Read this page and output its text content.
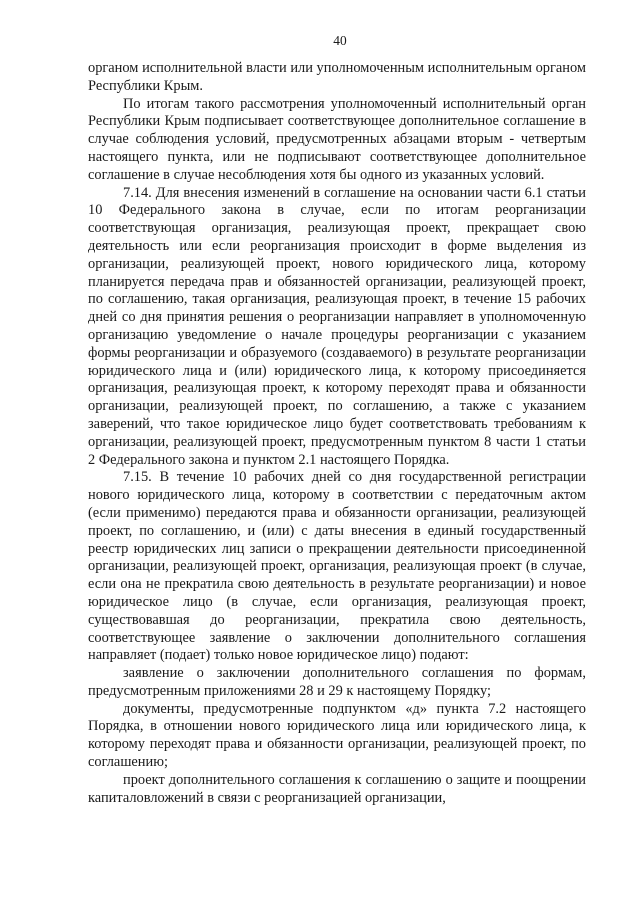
40

органом исполнительной власти или уполномоченным исполнительным органом Республики Крым.

По итогам такого рассмотрения уполномоченный исполнительный орган Республики Крым подписывает соответствующее дополнительное соглашение в случае соблюдения условий, предусмотренных абзацами вторым - четвертым настоящего пункта, или не подписывают соответствующее дополнительное соглашение в случае несоблюдения хотя бы одного из указанных условий.

7.14. Для внесения изменений в соглашение на основании части 6.1 статьи 10 Федерального закона в случае, если по итогам реорганизации соответствующая организация, реализующая проект, прекращает свою деятельность или если реорганизация происходит в форме выделения из организации, реализующей проект, нового юридического лица, которому планируется передача прав и обязанностей организации, реализующей проект, по соглашению, такая организация, реализующая проект, в течение 15 рабочих дней со дня принятия решения о реорганизации направляет в уполномоченную организацию уведомление о начале процедуры реорганизации с указанием формы реорганизации и образуемого (создаваемого) в результате реорганизации юридического лица и (или) юридического лица, к которому присоединяется организация, реализующая проект, к которому переходят права и обязанности организации, реализующей проект, по соглашению, а также с указанием заверений, что такое юридическое лицо будет соответствовать требованиям к организации, реализующей проект, предусмотренным пунктом 8 части 1 статьи 2 Федерального закона и пунктом 2.1 настоящего Порядка.

7.15. В течение 10 рабочих дней со дня государственной регистрации нового юридического лица, которому в соответствии с передаточным актом (если применимо) передаются права и обязанности организации, реализующей проект, по соглашению, и (или) с даты внесения в единый государственный реестр юридических лиц записи о прекращении деятельности присоединенной организации, реализующей проект, организация, реализующая проект (в случае, если она не прекратила свою деятельность в результате реорганизации) и новое юридическое лицо (в случае, если организация, реализующая проект, существовавшая до реорганизации, прекратила свою деятельность, соответствующее заявление о заключении дополнительного соглашения направляет (подает) только новое юридическое лицо) подают:

заявление о заключении дополнительного соглашения по формам, предусмотренным приложениями 28 и 29 к настоящему Порядку;

документы, предусмотренные подпунктом «д» пункта 7.2 настоящего Порядка, в отношении нового юридического лица или юридического лица, к которому переходят права и обязанности организации, реализующей проект, по соглашению;

проект дополнительного соглашения к соглашению о защите и поощрении капиталовложений в связи с реорганизацией организации,
